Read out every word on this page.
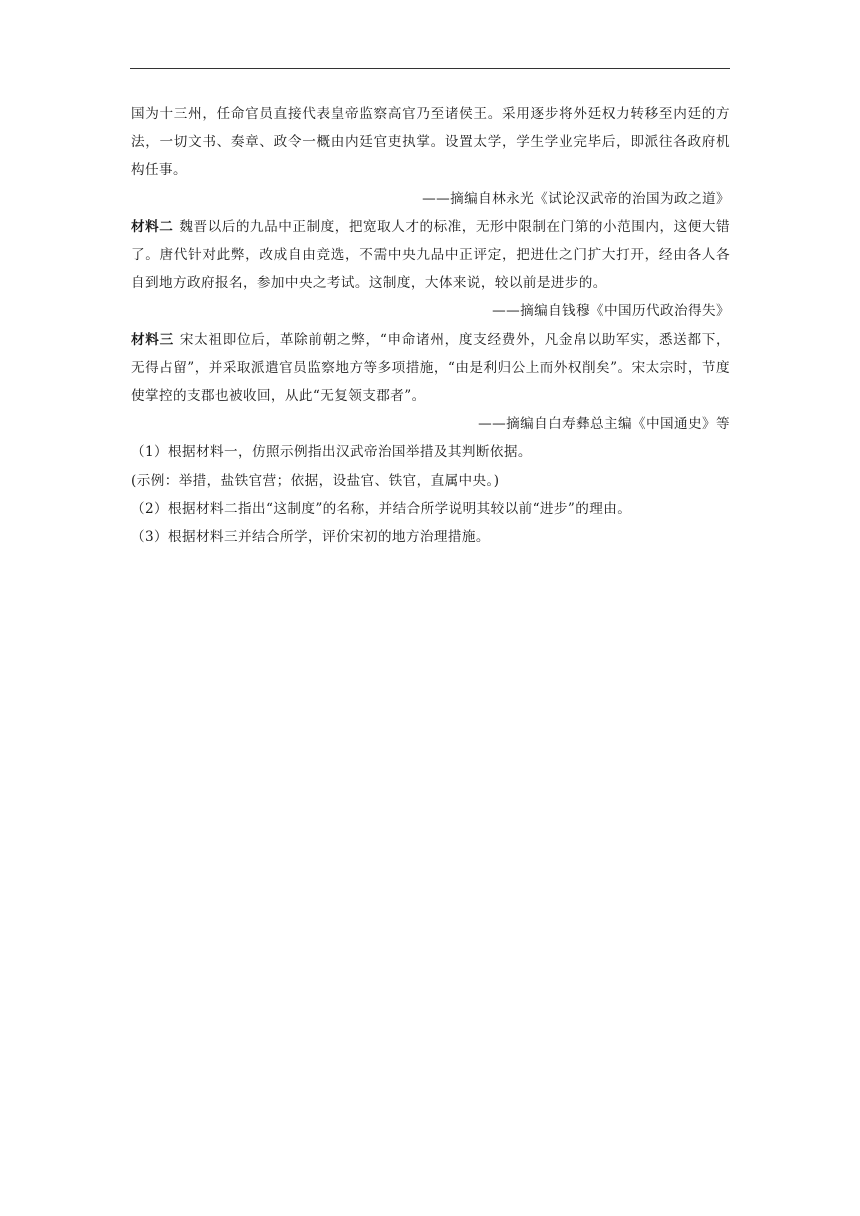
国为十三州，任命官员直接代表皇帝监察高官乃至诸侯王。采用逐步将外廷权力转移至内廷的方法，一切文书、奏章、政令一概由内廷官吏执掌。设置太学，学生学业完毕后，即派往各政府机构任事。

——摘编自林永光《试论汉武帝的治国为政之道》

材料二 魏晋以后的九品中正制度，把宽取人才的标准，无形中限制在门第的小范围内，这便大错了。唐代针对此弊，改成自由竞选，不需中央九品中正评定，把进仕之门扩大打开，经由各人各自到地方政府报名，参加中央之考试。这制度，大体来说，较以前是进步的。

——摘编自钱穆《中国历代政治得失》

材料三 宋太祖即位后，革除前朝之弊，“申命诸州，度支经费外，凡金帛以助军实，悉送都下，无得占留”，并采取派遣官员监察地方等多项措施，“由是利归公上而外权削矣”。宋太宗时，节度使掌控的支郡也被收回，从此“无复领支郡者”。

——摘编自白寿彝总主编《中国通史》等

（1）根据材料一，仿照示例指出汉武帝治国举措及其判断依据。

(示例：举措，盐铁官营；依据，设盐官、铁官，直属中央。)

（2）根据材料二指出“这制度”的名称，并结合所学说明其较以前“进步”的理由。

（3）根据材料三并结合所学，评价宋初的地方治理措施。
